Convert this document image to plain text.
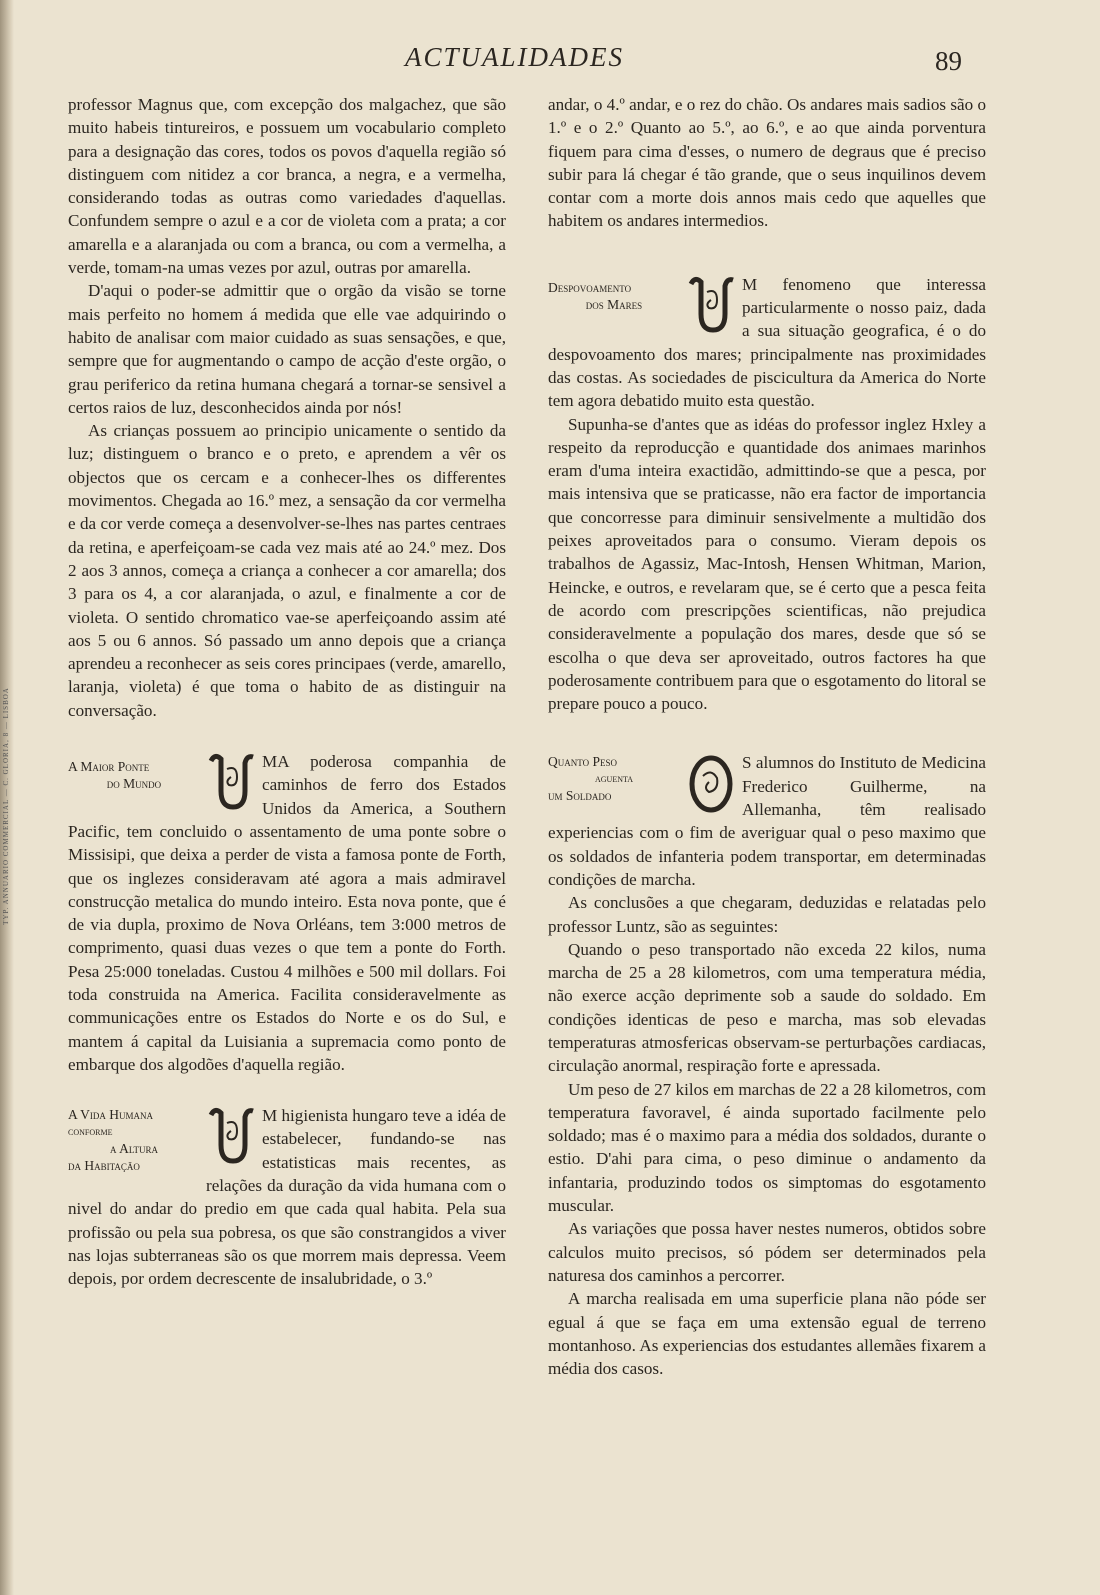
TYP. ANNUARIO COMMERCIAL — C. GLORIA, 8 — LISBOA
ACTUALIDADES	89

professor Magnus que, com excepção dos malgachez, que são muito habeis tintureiros, e possuem um vocabulario completo para a designação das cores, todos os povos d'aquella região só distinguem com nitidez a cor branca, a negra, e a vermelha, considerando todas as outras como variedades d'aquellas. Confundem sempre o azul e a cor de violeta com a prata; a cor amarella e a alaranjada ou com a branca, ou com a vermelha, a verde, tomam-na umas vezes por azul, outras por amarella.

D'aqui o poder-se admittir que o orgão da visão se torne mais perfeito no homem á medida que elle vae adquirindo o habito de analisar com maior cuidado as suas sensações, e que, sempre que for augmentando o campo de acção d'este orgão, o grau periferico da retina humana chegará a tornar-se sensivel a certos raios de luz, desconhecidos ainda por nós!

As crianças possuem ao principio unicamente o sentido da luz; distinguem o branco e o preto, e aprendem a vêr os objectos que os cercam e a conhecer-lhes os differentes movimentos. Chegada ao 16.º mez, a sensação da cor vermelha e da cor verde começa a desenvolver-se-lhes nas partes centraes da retina, e aperfeiçoam-se cada vez mais até ao 24.º mez. Dos 2 aos 3 annos, começa a criança a conhecer a cor amarella; dos 3 para os 4, a cor alaranjada, o azul, e finalmente a cor de violeta. O sentido chromatico vae-se aperfeiçoando assim até aos 5 ou 6 annos. Só passado um anno depois que a criança aprendeu a reconhecer as seis cores principaes (verde, amarello, laranja, violeta) é que toma o habito de as distinguir na conversação.

A Maior Ponte
do Mundo

MA poderosa companhia de caminhos de ferro dos Estados Unidos da America, a Southern Pacific, tem concluido o assentamento de uma ponte sobre o Missisipi, que deixa a perder de vista a famosa ponte de Forth, que os inglezes consideravam até agora a mais admiravel construcção metalica do mundo inteiro. Esta nova ponte, que é de via dupla, proximo de Nova Orléans, tem 3:000 metros de comprimento, quasi duas vezes o que tem a ponte do Forth. Pesa 25:000 toneladas. Custou 4 milhões e 500 mil dollars. Foi toda construida na America. Facilita consideravelmente as communicações entre os Estados do Norte e os do Sul, e mantem á capital da Luisiania a supremacia como ponto de embarque dos algodões d'aquella região.

A Vida Humana
conforme
a Altura
da Habitação

M higienista hungaro teve a idéa de estabelecer, fundando-se nas estatisticas mais recentes, as relações da duração da vida humana com o nivel do andar do predio em que cada qual habita. Pela sua profissão ou pela sua pobresa, os que são constrangidos a viver nas lojas subterraneas são os que morrem mais depressa. Veem depois, por ordem decrescente de insalubridade, o 3.º

andar, o 4.º andar, e o rez do chão. Os andares mais sadios são o 1.º e o 2.º Quanto ao 5.º, ao 6.º, e ao que ainda porventura fiquem para cima d'esses, o numero de degraus que é preciso subir para lá chegar é tão grande, que o seus inquilinos devem contar com a morte dois annos mais cedo que aquelles que habitem os andares intermedios.

Despovoamento
dos Mares

M fenomeno que interessa particularmente o nosso paiz, dada a sua situação geografica, é o do despovoamento dos mares; principalmente nas proximidades das costas. As sociedades de piscicultura da America do Norte tem agora debatido muito esta questão.

Supunha-se d'antes que as idéas do professor inglez Hxley a respeito da reproducção e quantidade dos animaes marinhos eram d'uma inteira exactidão, admittindo-se que a pesca, por mais intensiva que se praticasse, não era factor de importancia que concorresse para diminuir sensivelmente a multidão dos peixes aproveitados para o consumo. Vieram depois os trabalhos de Agassiz, Mac-Intosh, Hensen Whitman, Marion, Heincke, e outros, e revelaram que, se é certo que a pesca feita de acordo com prescripções scientificas, não prejudica consideravelmente a população dos mares, desde que só se escolha o que deva ser aproveitado, outros factores ha que poderosamente contribuem para que o esgotamento do litoral se prepare pouco a pouco.

Quanto Peso
aguenta
um Soldado

S alumnos do Instituto de Medicina Frederico Guilherme, na Allemanha, têm realisado experiencias com o fim de averiguar qual o peso maximo que os soldados de infanteria podem transportar, em determinadas condições de marcha.

As conclusões a que chegaram, deduzidas e relatadas pelo professor Luntz, são as seguintes:

Quando o peso transportado não exceda 22 kilos, numa marcha de 25 a 28 kilometros, com uma temperatura média, não exerce acção deprimente sob a saude do soldado. Em condições identicas de peso e marcha, mas sob elevadas temperaturas atmosfericas observam-se perturbações cardiacas, circulação anormal, respiração forte e apressada.

Um peso de 27 kilos em marchas de 22 a 28 kilometros, com temperatura favoravel, é ainda suportado facilmente pelo soldado; mas é o maximo para a média dos soldados, durante o estio. D'ahi para cima, o peso diminue o andamento da infantaria, produzindo todos os simptomas do esgotamento muscular.

As variações que possa haver nestes numeros, obtidos sobre calculos muito precisos, só pódem ser determinados pela naturesa dos caminhos a percorrer.

A marcha realisada em uma superficie plana não póde ser egual á que se faça em uma extensão egual de terreno montanhoso. As experiencias dos estudantes allemães fixarem a média dos casos.
